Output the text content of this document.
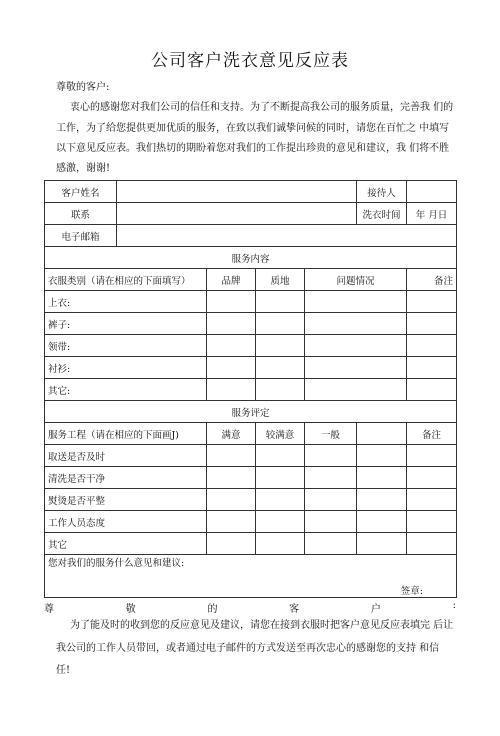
公司客户洗衣意见反应表
尊敬的客户:
衷心的感谢您对我们公司的信任和支持。为了不断提高我公司的服务质量，完善我 们的
工作，为了给您提供更加优质的服务，在致以我们诚挚问候的同时，请您在百忙之 中填写
以下意见反应表。我们热切的期盼着您对我们的工作提出珍贵的意见和建议，我 们将不胜
感激，谢谢!
客户姓名					接待人	
联系					洗衣时间	年 月日
电子邮箱						
服务内容						
衣服类别（请在相应的下面填写）		品牌	质地	问题情况		备注
上衣:						
裤子:						
领带:						
衬衫:						
其它:						
服务评定						
服务工程（请在相应的下面画J)		满意	较满意	一般		备注
取送是否及时						
清洗是否干净						
熨烫是否平整						
工作人员态度						
其它						
您对我们的服务什么意见和建议:
签章:						
尊	敬	的	客	户	:
为了能及时的收到您的反应意见及建议，请您在接到衣服时把客户意见反应表填完 后让
我公司的工作人员带回，或者通过电子邮件的方式发送至再次忠心的感谢您的支持 和信
任!
